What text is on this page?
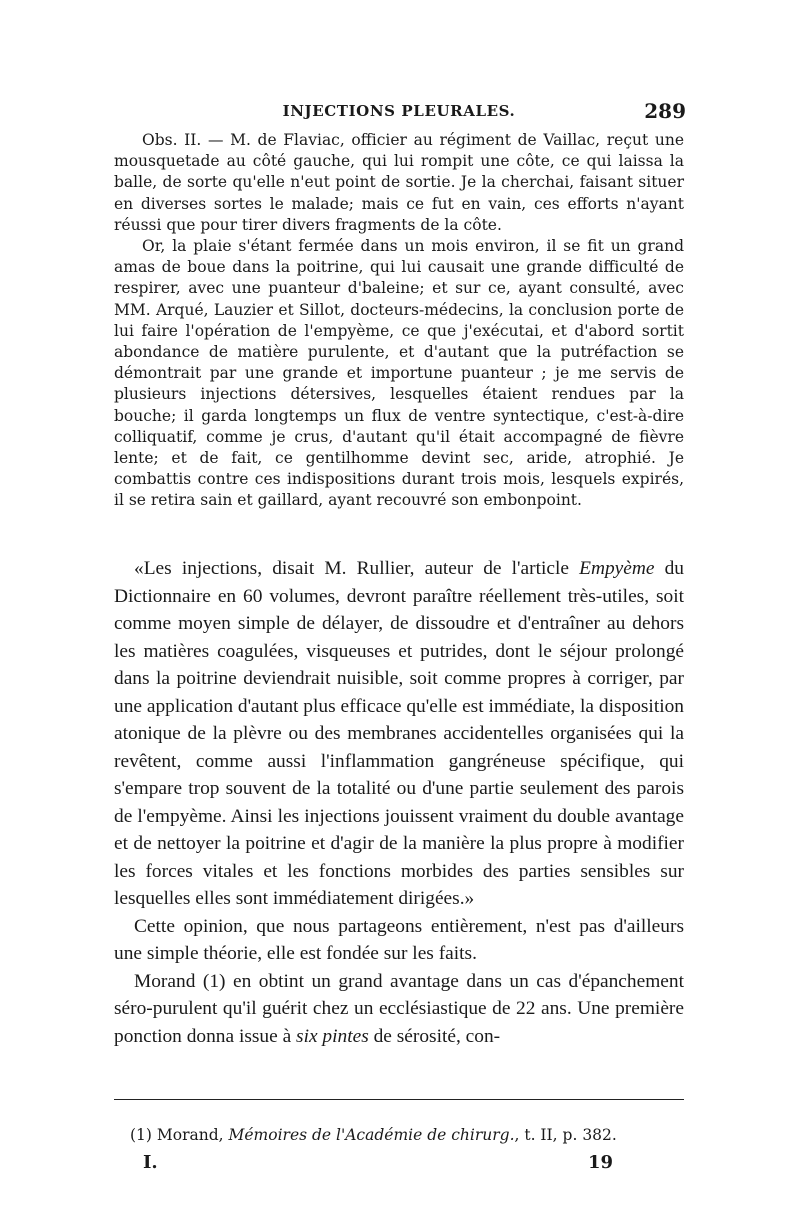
INJECTIONS PLEURALES.	289

Obs. II. — M. de Flaviac, officier au régiment de Vaillac, reçut une mousquetade au côté gauche, qui lui rompit une côte, ce qui laissa la balle, de sorte qu'elle n'eut point de sortie. Je la cherchai, faisant situer en diverses sortes le malade; mais ce fut en vain, ces efforts n'ayant réussi que pour tirer divers fragments de la côte.

Or, la plaie s'étant fermée dans un mois environ, il se fit un grand amas de boue dans la poitrine, qui lui causait une grande difficulté de respirer, avec une puanteur d'baleine; et sur ce, ayant consulté, avec MM. Arqué, Lauzier et Sillot, docteurs-médecins, la conclusion porte de lui faire l'opération de l'empyème, ce que j'exécutai, et d'abord sortit abondance de matière purulente, et d'autant que la putréfaction se démontrait par une grande et importune puanteur ; je me servis de plusieurs injections détersives, lesquelles étaient rendues par la bouche; il garda longtemps un flux de ventre syntectique, c'est-à-dire colliquatif, comme je crus, d'autant qu'il était accompagné de fièvre lente; et de fait, ce gentilhomme devint sec, aride, atrophié. Je combattis contre ces indispositions durant trois mois, lesquels expirés, il se retira sain et gaillard, ayant recouvré son embonpoint.

«Les injections, disait M. Rullier, auteur de l'article Empyème du Dictionnaire en 60 volumes, devront paraître réellement très-utiles, soit comme moyen simple de délayer, de dissoudre et d'entraîner au dehors les matières coagulées, visqueuses et putrides, dont le séjour prolongé dans la poitrine deviendrait nuisible, soit comme propres à corriger, par une application d'autant plus efficace qu'elle est immédiate, la disposition atonique de la plèvre ou des membranes accidentelles organisées qui la revêtent, comme aussi l'inflammation gangréneuse spécifique, qui s'empare trop souvent de la totalité ou d'une partie seulement des parois de l'empyème. Ainsi les injections jouissent vraiment du double avantage et de nettoyer la poitrine et d'agir de la manière la plus propre à modifier les forces vitales et les fonctions morbides des parties sensibles sur lesquelles elles sont immédiatement dirigées.»

Cette opinion, que nous partageons entièrement, n'est pas d'ailleurs une simple théorie, elle est fondée sur les faits.

Morand (1) en obtint un grand avantage dans un cas d'épanchement séro-purulent qu'il guérit chez un ecclésiastique de 22 ans. Une première ponction donna issue à six pintes de sérosité, con-

(1) Morand, Mémoires de l'Académie de chirurg., t. II, p. 382.
I.	19
